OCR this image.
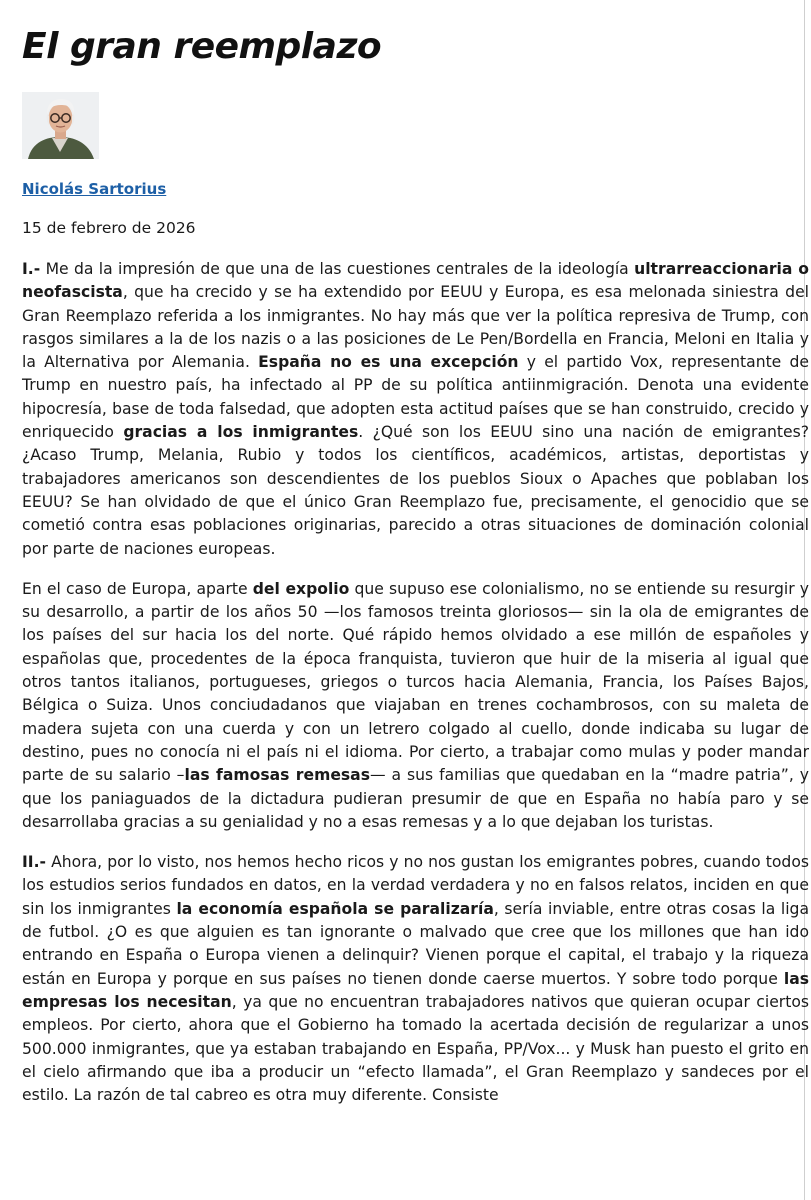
El gran reemplazo
Nicolás Sartorius
15 de febrero de 2026

I.- Me da la impresión de que una de las cuestiones centrales de la ideología ultrarreaccionaria o neofascista, que ha crecido y se ha extendido por EEUU y Europa, es esa melonada siniestra del Gran Reemplazo referida a los inmigrantes. No hay más que ver la política represiva de Trump, con rasgos similares a la de los nazis o a las posiciones de Le Pen/Bordella en Francia, Meloni en Italia y la Alternativa por Alemania. España no es una excepción y el partido Vox, representante de Trump en nuestro país, ha infectado al PP de su política antiinmigración. Denota una evidente hipocresía, base de toda falsedad, que adopten esta actitud países que se han construido, crecido y enriquecido gracias a los inmigrantes. ¿Qué son los EEUU sino una nación de emigrantes? ¿Acaso Trump, Melania, Rubio y todos los científicos, académicos, artistas, deportistas y trabajadores americanos son descendientes de los pueblos Sioux o Apaches que poblaban los EEUU? Se han olvidado de que el único Gran Reemplazo fue, precisamente, el genocidio que se cometió contra esas poblaciones originarias, parecido a otras situaciones de dominación colonial por parte de naciones europeas.

En el caso de Europa, aparte del expolio que supuso ese colonialismo, no se entiende su resurgir y su desarrollo, a partir de los años 50 —los famosos treinta gloriosos— sin la ola de emigrantes de los países del sur hacia los del norte. Qué rápido hemos olvidado a ese millón de españoles y españolas que, procedentes de la época franquista, tuvieron que huir de la miseria al igual que otros tantos italianos, portugueses, griegos o turcos hacia Alemania, Francia, los Países Bajos, Bélgica o Suiza. Unos conciudadanos que viajaban en trenes cochambrosos, con su maleta de madera sujeta con una cuerda y con un letrero colgado al cuello, donde indicaba su lugar de destino, pues no conocía ni el país ni el idioma. Por cierto, a trabajar como mulas y poder mandar parte de su salario –las famosas remesas— a sus familias que quedaban en la “madre patria”, y que los paniaguados de la dictadura pudieran presumir de que en España no había paro y se desarrollaba gracias a su genialidad y no a esas remesas y a lo que dejaban los turistas.

II.- Ahora, por lo visto, nos hemos hecho ricos y no nos gustan los emigrantes pobres, cuando todos los estudios serios fundados en datos, en la verdad verdadera y no en falsos relatos, inciden en que sin los inmigrantes la economía española se paralizaría, sería inviable, entre otras cosas la liga de futbol. ¿O es que alguien es tan ignorante o malvado que cree que los millones que han ido entrando en España o Europa vienen a delinquir? Vienen porque el capital, el trabajo y la riqueza están en Europa y porque en sus países no tienen donde caerse muertos. Y sobre todo porque las empresas los necesitan, ya que no encuentran trabajadores nativos que quieran ocupar ciertos empleos. Por cierto, ahora que el Gobierno ha tomado la acertada decisión de regularizar a unos 500.000 inmigrantes, que ya estaban trabajando en España, PP/Vox... y Musk han puesto el grito en el cielo afirmando que iba a producir un “efecto llamada”, el Gran Reemplazo y sandeces por el estilo. La razón de tal cabreo es otra muy diferente. Consiste
